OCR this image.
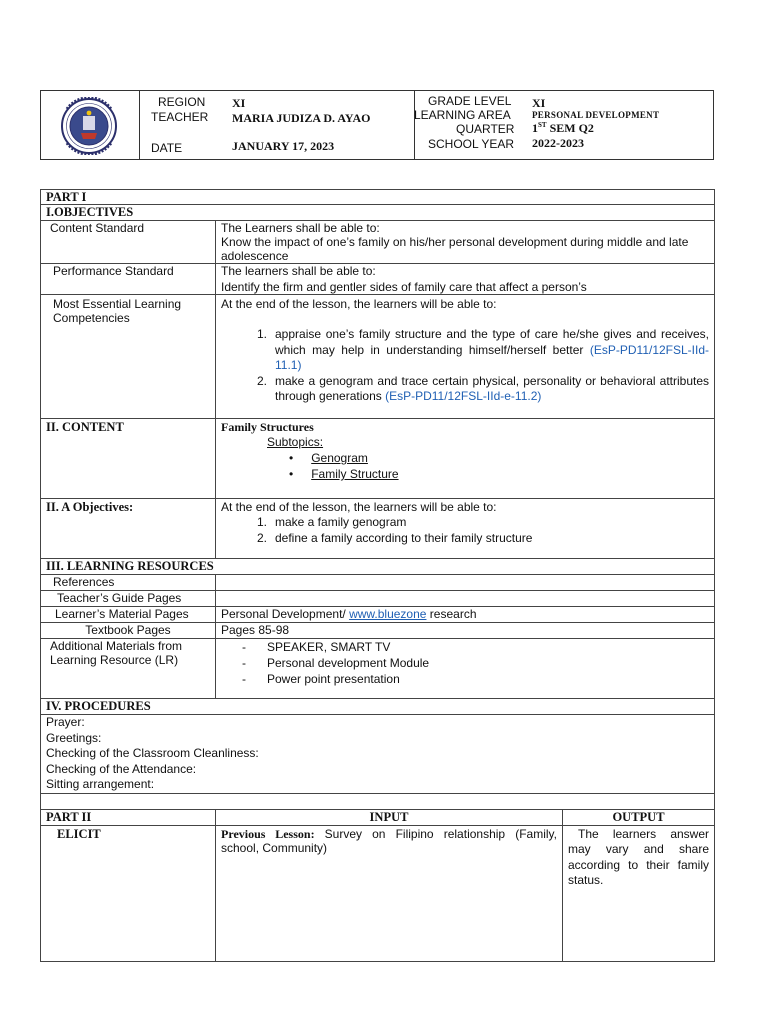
REGION XI
TEACHER MARIA JUDIZA D. AYAO
DATE	JANUARY 17, 2023
GRADE LEVEL XI
LEARNING AREA PERSONAL DEVELOPMENT
QUARTER 1ST SEM Q2
SCHOOL YEAR 2022-2023
PART I		
I.OBJECTIVES		
Content Standard	The Learners shall be able to:
Know the impact of one’s family on his/her personal development during middle and late adolescence	

Performance Standard	The learners shall be able to:
Identify the firm and gentler sides of family care that affect a person’s	

Most Essential Learning Competencies	At the end of the lesson, the learners will be able to:
1. appraise one’s family structure and the type of care he/she gives and receives, which may help in understanding himself/herself better (EsP-PD11/12FSL-IId-11.1)
2. make a genogram and trace certain physical, personality or behavioral attributes through generations (EsP-PD11/12FSL-IId-e-11.2)	

II. CONTENT	Family Structures
Subtopics:
• Genogram
• Family Structure	

II. A Objectives:	At the end of the lesson, the learners will be able to:
1. make a family genogram
2. define a family according to their family structure	

III. LEARNING RESOURCES		
References		
Teacher’s Guide Pages		
Learner’s Material Pages	Personal Development/ www.bluezone research	
Textbook Pages	Pages 85-98	

Additional Materials from Learning Resource (LR)	- SPEAKER, SMART TV
- Personal development Module
- Power point presentation	

IV. PROCEDURES		

Prayer:
Greetings:
Checking of the Classroom Cleanliness:
Checking of the Attendance:
Sitting arrangement:		

PART II	INPUT	OUTPUT
ELICIT	Previous Lesson: Survey on Filipino relationship (Family, school, Community)	The learners answer may vary and share according to their family status.
